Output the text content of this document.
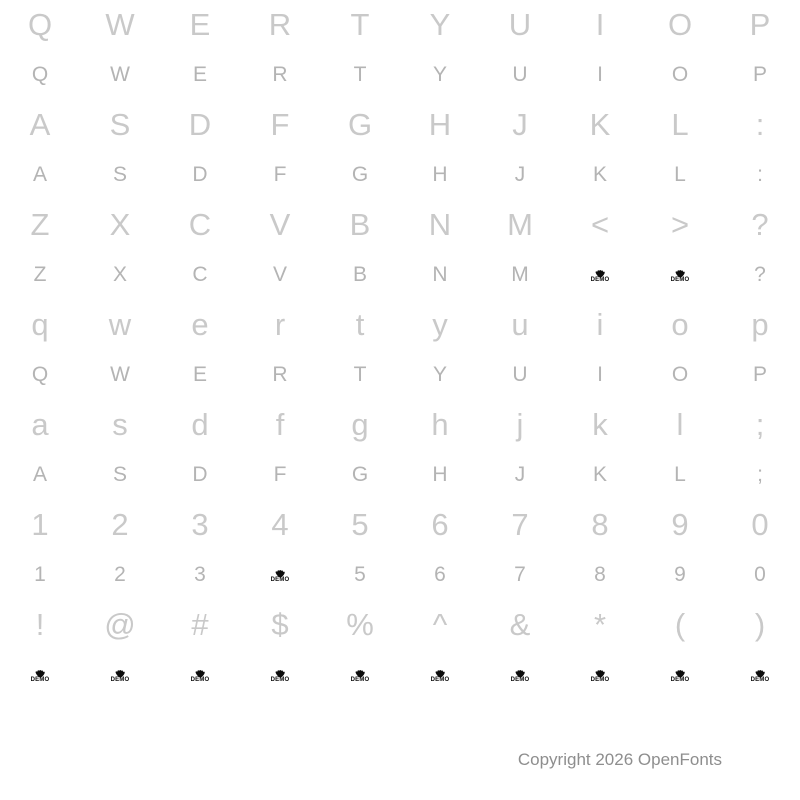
Q	W	E	R	T	Y	U	I	O	P
Q	W	E	R	T	Y	U	I	O	P
A	S	D	F	G	H	J	K	L	:
A	S	D	F	G	H	J	K	L	:
Z	X	C	V	B	N	M	<	>	?
Z	X	C	V	B	N	M	DEMO	DEMO	?
q	w	e	r	t	y	u	i	o	p
Q	W	E	R	T	Y	U	I	O	P
a	s	d	f	g	h	j	k	l	;
A	S	D	F	G	H	J	K	L	;
1	2	3	4	5	6	7	8	9	0
1	2	3	DEMO	5	6	7	8	9	0
!	@	#	$	%	^	&	*	(	)
DEMO	DEMO	DEMO	DEMO	DEMO	DEMO	DEMO	DEMO	DEMO	DEMO
Copyright 2026 OpenFonts
